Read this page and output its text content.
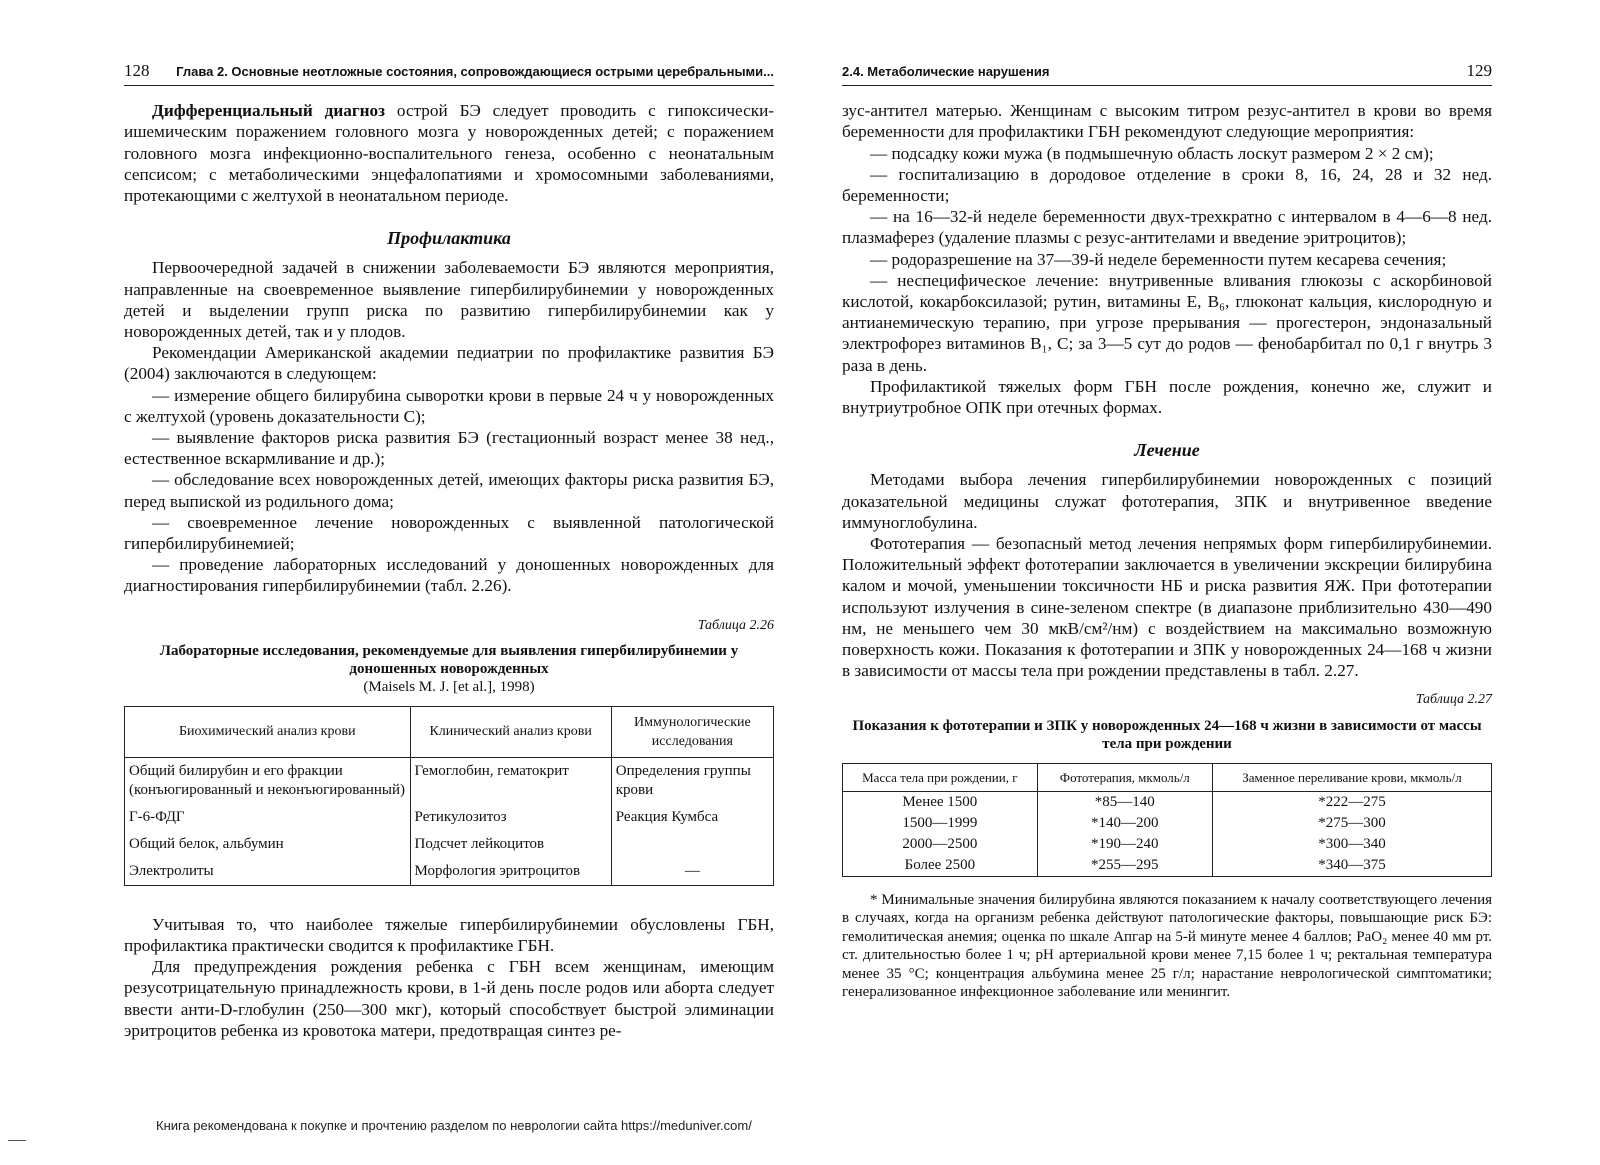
128 Глава 2. Основные неотложные состояния, сопровождающиеся острыми церебральными...

Дифференциальный диагноз острой БЭ следует проводить с гипоксически-ишемическим поражением головного мозга у новорожденных детей; с поражением головного мозга инфекционно-воспалительного генеза, особенно с неонатальным сепсисом; с метаболическими энцефалопатиями и хромосомными заболеваниями, протекающими с желтухой в неонатальном периоде.

Профилактика

Первоочередной задачей в снижении заболеваемости БЭ являются мероприятия, направленные на своевременное выявление гипербилирубинемии у новорожденных детей и выделении групп риска по развитию гипербилирубинемии как у новорожденных детей, так и у плодов.

Рекомендации Американской академии педиатрии по профилактике развития БЭ (2004) заключаются в следующем:

— измерение общего билирубина сыворотки крови в первые 24 ч у новорожденных с желтухой (уровень доказательности С);

— выявление факторов риска развития БЭ (гестационный возраст менее 38 нед., естественное вскармливание и др.);

— обследование всех новорожденных детей, имеющих факторы риска развития БЭ, перед выпиской из родильного дома;

— своевременное лечение новорожденных с выявленной патологической гипербилирубинемией;

— проведение лабораторных исследований у доношенных новорожденных для диагностирования гипербилирубинемии (табл. 2.26).

Таблица 2.26
Лабораторные исследования, рекомендуемые для выявления гипербилирубинемии у доношенных новорожденных
(Maisels M. J. [et al.], 1998)
Биохимический анализ крови	Клинический анализ крови	Иммунологические исследования
Общий билирубин и его фракции (конъюгированный и неконъюгированный)	Гемоглобин, гематокрит	Определения группы крови
Г-6-ФДГ	Ретикулозитоз	Реакция Кумбса
Общий белок, альбумин	Подсчет лейкоцитов	
Электролиты	Морфология эритроцитов	—

Учитывая то, что наиболее тяжелые гипербилирубинемии обусловлены ГБН, профилактика практически сводится к профилактике ГБН.

Для предупреждения рождения ребенка с ГБН всем женщинам, имеющим резусотрицательную принадлежность крови, в 1-й день после родов или аборта следует ввести анти-D-глобулин (250—300 мкг), который способствует быстрой элиминации эритроцитов ребенка из кровотока матери, предотвращая синтез ре-

2.4. Метаболические нарушения	129

зус-антител матерью. Женщинам с высоким титром резус-антител в крови во время беременности для профилактики ГБН рекомендуют следующие мероприятия:

— подсадку кожи мужа (в подмышечную область лоскут размером 2 × 2 см);

— госпитализацию в дородовое отделение в сроки 8, 16, 24, 28 и 32 нед. беременности;

— на 16—32-й неделе беременности двух-трехкратно с интервалом в 4—6—8 нед. плазмаферез (удаление плазмы с резус-антителами и введение эритроцитов);

— родоразрешение на 37—39-й неделе беременности путем кесарева сечения;

— неспецифическое лечение: внутривенные вливания глюкозы с аскорбиновой кислотой, кокарбоксилазой; рутин, витамины E, B₆, глюконат кальция, кислородную и антианемическую терапию, при угрозе прерывания — прогестерон, эндоназальный электрофорез витаминов B₁, C; за 3—5 сут до родов — фенобарбитал по 0,1 г внутрь 3 раза в день.

Профилактикой тяжелых форм ГБН после рождения, конечно же, служит и внутриутробное ОПК при отечных формах.

Лечение

Методами выбора лечения гипербилирубинемии новорожденных с позиций доказательной медицины служат фототерапия, ЗПК и внутривенное введение иммуноглобулина.

Фототерапия — безопасный метод лечения непрямых форм гипербилирубинемии. Положительный эффект фототерапии заключается в увеличении экскреции билирубина калом и мочой, уменьшении токсичности НБ и риска развития ЯЖ. При фототерапии используют излучения в сине-зеленом спектре (в диапазоне приблизительно 430—490 нм, не меньшего чем 30 мкВ/см²/нм) с воздействием на максимально возможную поверхность кожи. Показания к фототерапии и ЗПК у новорожденных 24—168 ч жизни в зависимости от массы тела при рождении представлены в табл. 2.27.

Таблица 2.27
Показания к фототерапии и ЗПК у новорожденных 24—168 ч жизни в зависимости от массы тела при рождении
Масса тела при рождении, г	Фототерапия, мкмоль/л	Заменное переливание крови, мкмоль/л
Менее 1500	*85—140	*222—275
1500—1999	*140—200	*275—300
2000—2500	*190—240	*300—340
Более 2500	*255—295	*340—375

* Минимальные значения билирубина являются показанием к началу соответствующего лечения в случаях, когда на организм ребенка действуют патологические факторы, повышающие риск БЭ: гемолитическая анемия; оценка по шкале Апгар на 5-й минуте менее 4 баллов; PaO₂ менее 40 мм рт. ст. длительностью более 1 ч; pH артериальной крови менее 7,15 более 1 ч; ректальная температура менее 35 °C; концентрация альбумина менее 25 г/л; нарастание неврологической симптоматики; генерализованное инфекционное заболевание или менингит.

Книга рекомендована к покупке и прочтению разделом по неврологии сайта https://meduniver.com/
